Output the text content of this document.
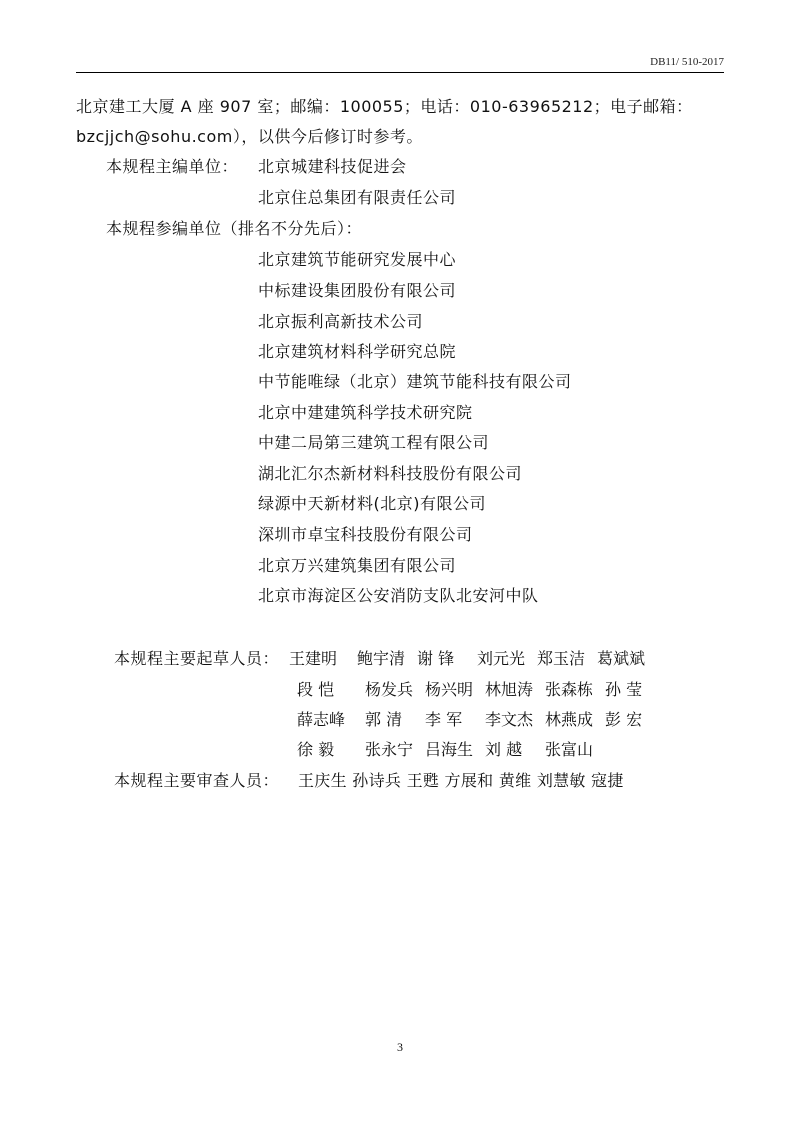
DB11/ 510-2017
北京建工大厦 A 座 907 室；邮编：100055；电话：010-63965212；电子邮箱：
bzcjjch@sohu.com），以供今后修订时参考。
本规程主编单位： 北京城建科技促进会
北京住总集团有限责任公司
本规程参编单位（排名不分先后）：
北京建筑节能研究发展中心
中标建设集团股份有限公司
北京振利高新技术公司
北京建筑材料科学研究总院
中节能唯绿（北京）建筑节能科技有限公司
北京中建建筑科学技术研究院
中建二局第三建筑工程有限公司
湖北汇尔杰新材料科技股份有限公司
绿源中天新材料(北京)有限公司
深圳市卓宝科技股份有限公司
北京万兴建筑集团有限公司
北京市海淀区公安消防支队北安河中队
本规程主要起草人员： 王建明 鲍宇清 谢 锋 刘元光 郑玉洁 葛斌斌
段 恺 杨发兵 杨兴明 林旭涛 张森栋 孙 莹
薛志峰 郭 清 李 军 李文杰 林燕成 彭 宏
徐 毅 张永宁 吕海生 刘 越 张富山
本规程主要审查人员： 王庆生 孙诗兵 王甦 方展和 黄维 刘慧敏 寇捷
3
